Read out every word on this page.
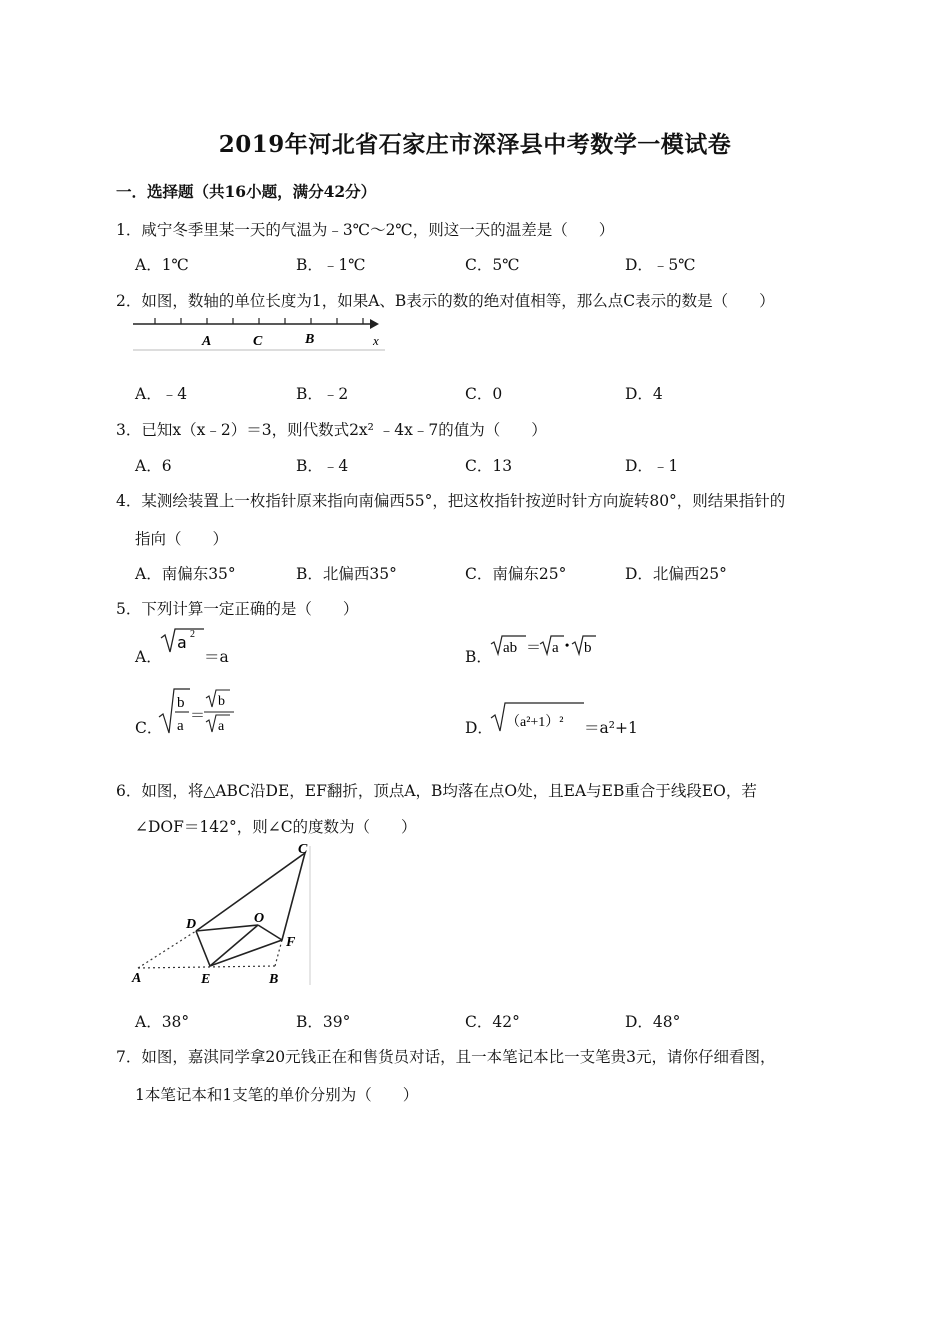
2019年河北省石家庄市深泽县中考数学一模试卷
一．选择题（共16小题，满分42分）
1．咸宁冬季里某一天的气温为﹣3℃～2℃，则这一天的温差是（　　）
A．1℃	B．﹣1℃	C．5℃	D．﹣5℃
2．如图，数轴的单位长度为1，如果A、B表示的数的绝对值相等，那么点C表示的数是（　　）
A	C	B	x
A．﹣4	B．﹣2	C．0	D．4
3．已知x（x﹣2）＝3，则代数式2x² ﹣4x﹣7的值为（　　）
A．6	B．﹣4	C．13	D．﹣1
4．某测绘装置上一枚指针原来指向南偏西55°，把这枚指针按逆时针方向旋转80°，则结果指针的
指向（　　）
A．南偏东35°	B．北偏西35°	C．南偏东25°	D．北偏西25°
5．下列计算一定正确的是（　　）
A．
a 2
＝a	B． ab ＝ a • b
C．
b
a
＝
b
a	D． （a²+1）² ＝a²+1
6．如图，将△ABC沿DE，EF翻折，顶点A，B均落在点O处，且EA与EB重合于线段EO，若
∠DOF＝142°，则∠C的度数为（　　）
C
D	O
F
A	E	B
A．38°	B．39°	C．42°	D．48°
7．如图，嘉淇同学拿20元钱正在和售货员对话，且一本笔记本比一支笔贵3元，请你仔细看图，
1本笔记本和1支笔的单价分别为（　　）
